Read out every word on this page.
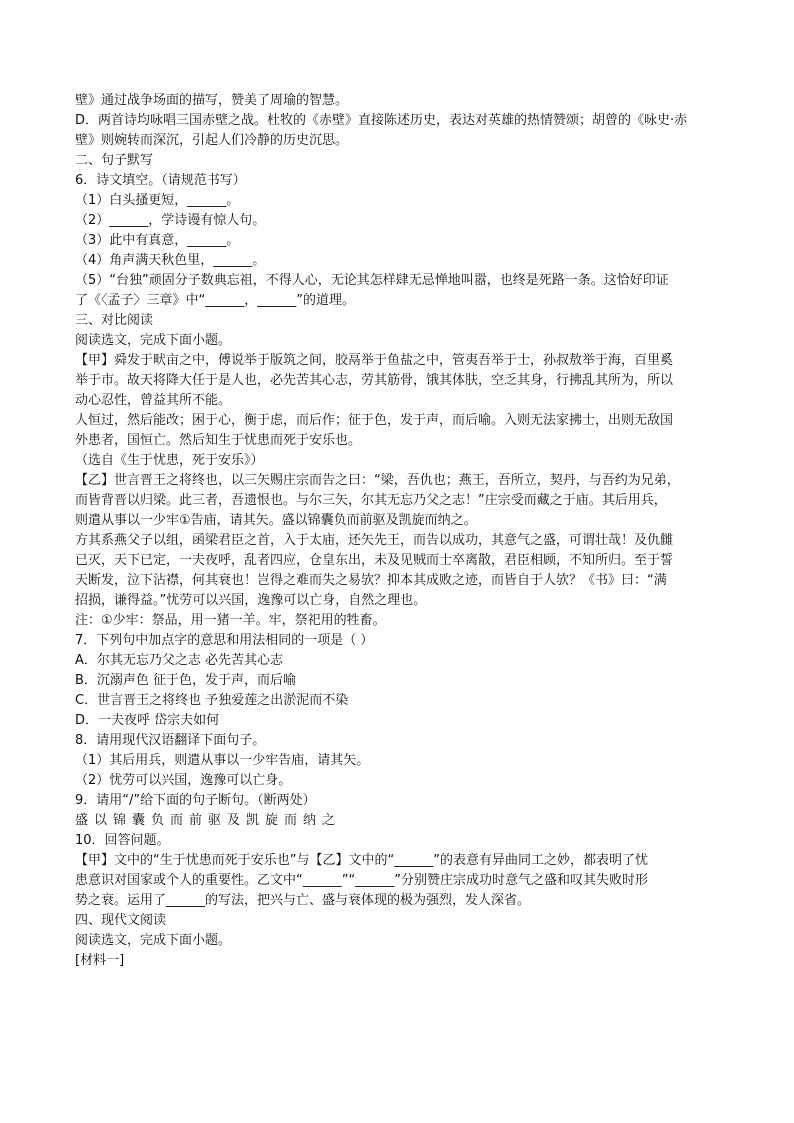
壁》通过战争场面的描写，赞美了周瑜的智慧。
D．两首诗均咏唱三国赤壁之战。杜牧的《赤壁》直接陈述历史，表达对英雄的热情赞颂；胡曾的《咏史·赤
壁》则婉转而深沉，引起人们冷静的历史沉思。
二、句子默写
6．诗文填空。（请规范书写）
（1）白头搔更短，______。
（2）______，学诗谩有惊人句。
（3）此中有真意，______。
（4）角声满天秋色里，______。
（5）“台独”顽固分子数典忘祖，不得人心，无论其怎样肆无忌惮地叫嚣，也终是死路一条。这恰好印证
了《〈孟子〉三章》中“______，______”的道理。
三、对比阅读
阅读选文，完成下面小题。
【甲】舜发于畎亩之中，傅说举于版筑之间，胶鬲举于鱼盐之中，管夷吾举于士，孙叔敖举于海，百里奚
举于市。故天将降大任于是人也，必先苦其心志，劳其筋骨，饿其体肤，空乏其身，行拂乱其所为，所以
动心忍性，曾益其所不能。
人恒过，然后能改；困于心，衡于虑，而后作；征于色，发于声，而后喻。入则无法家拂士，出则无敌国
外患者，国恒亡。然后知生于忧患而死于安乐也。
（选自《生于忧患，死于安乐》）
【乙】世言晋王之将终也，以三矢赐庄宗而告之曰：“梁，吾仇也；燕王，吾所立，契丹，与吾约为兄弟，
而皆背晋以归梁。此三者，吾遗恨也。与尔三矢，尔其无忘乃父之志！”庄宗受而藏之于庙。其后用兵，
则遣从事以一少牢①告庙，请其矢。盛以锦囊负而前驱及凯旋而纳之。
方其系燕父子以组，函梁君臣之首，入于太庙，还矢先王，而告以成功，其意气之盛，可谓壮哉！及仇雠
已灭，天下已定，一夫夜呼，乱者四应，仓皇东出，未及见贼而士卒离散，君臣相顾，不知所归。至于誓
天断发，泣下沾襟，何其衰也！岂得之难而失之易欤？抑本其成败之迹，而皆自于人欤？《书》曰：“满
招损，谦得益。”忧劳可以兴国，逸豫可以亡身，自然之理也。
注：①少牢：祭品，用一猪一羊。牢，祭祀用的牲畜。
7．下列句中加点字的意思和用法相同的一项是（ ）
A．尔其无忘乃父之志 必先苦其心志
B．沉溺声色 征于色，发于声，而后喻
C．世言晋王之将终也 予独爱莲之出淤泥而不染
D．一夫夜呼 岱宗夫如何
8．请用现代汉语翻译下面句子。
（1）其后用兵，则遣从事以一少牢告庙，请其矢。
（2）忧劳可以兴国，逸豫可以亡身。
9．请用“/”给下面的句子断句。（断两处）
盛以锦囊负而前驱及凯旋而纳之
10．回答问题。
【甲】文中的“生于忧患而死于安乐也”与【乙】文中的“______”的表意有异曲同工之妙，都表明了忧
患意识对国家或个人的重要性。乙文中“______”“______”分别赞庄宗成功时意气之盛和叹其失败时形
势之衰。运用了______的写法，把兴与亡、盛与衰体现的极为强烈，发人深省。
四、现代文阅读
阅读选文，完成下面小题。
[材料一]
